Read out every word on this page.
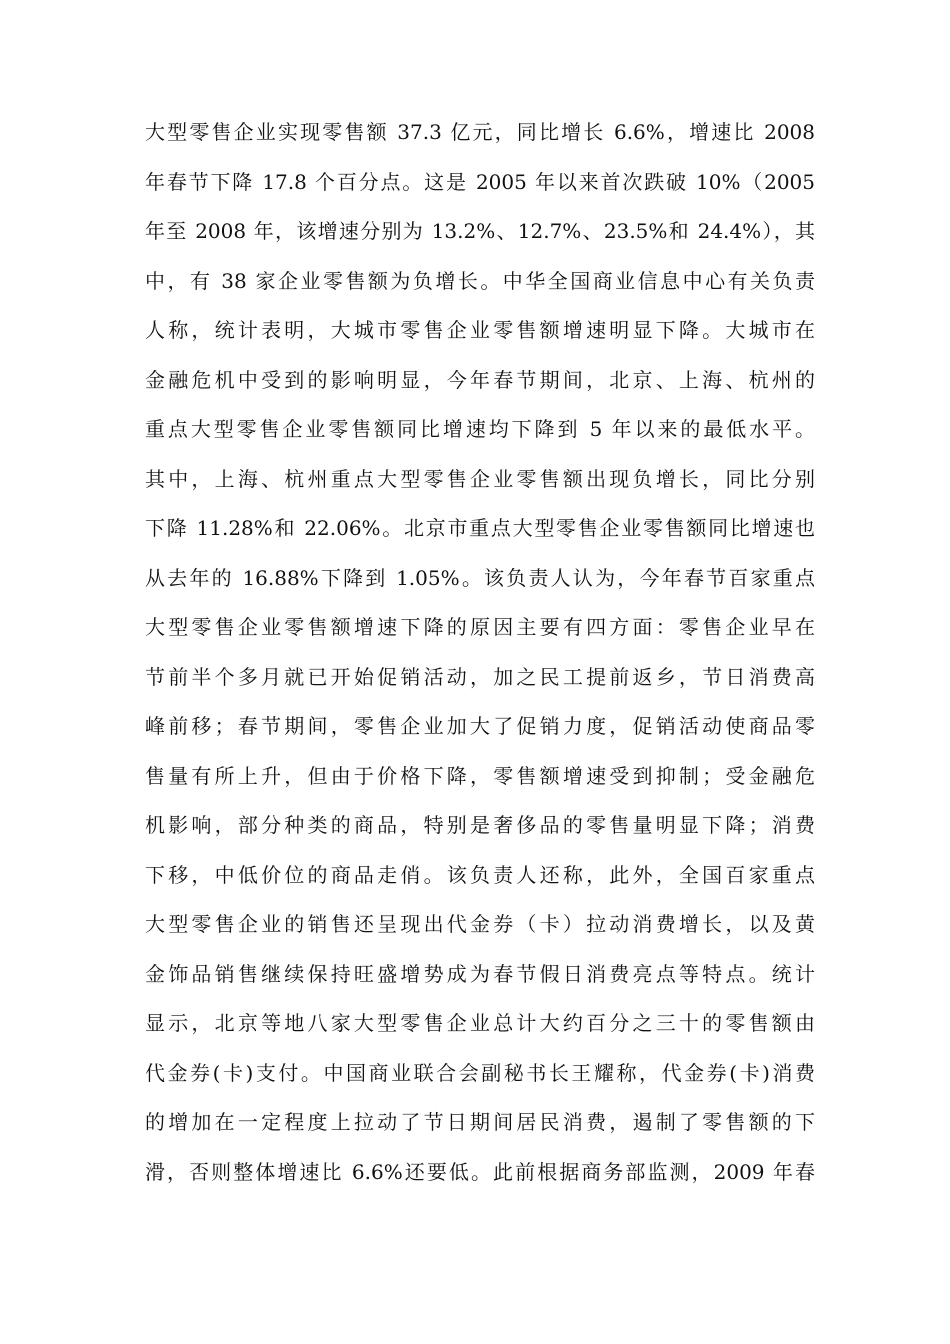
大型零售企业实现零售额 37.3 亿元，同比增长 6.6%，增速比 2008
年春节下降 17.8 个百分点。这是 2005 年以来首次跌破 10%（2005
年至 2008 年，该增速分别为 13.2%、12.7%、23.5%和 24.4%），其
中，有 38 家企业零售额为负增长。中华全国商业信息中心有关负责
人称，统计表明，大城市零售企业零售额增速明显下降。大城市在
金融危机中受到的影响明显，今年春节期间，北京、上海、杭州的
重点大型零售企业零售额同比增速均下降到 5 年以来的最低水平。
其中，上海、杭州重点大型零售企业零售额出现负增长，同比分别
下降 11.28%和 22.06%。北京市重点大型零售企业零售额同比增速也
从去年的 16.88%下降到 1.05%。该负责人认为，今年春节百家重点
大型零售企业零售额增速下降的原因主要有四方面：零售企业早在
节前半个多月就已开始促销活动，加之民工提前返乡，节日消费高
峰前移；春节期间，零售企业加大了促销力度，促销活动使商品零
售量有所上升，但由于价格下降，零售额增速受到抑制；受金融危
机影响，部分种类的商品，特别是奢侈品的零售量明显下降；消费
下移，中低价位的商品走俏。该负责人还称，此外，全国百家重点
大型零售企业的销售还呈现出代金券（卡）拉动消费增长，以及黄
金饰品销售继续保持旺盛增势成为春节假日消费亮点等特点。统计
显示，北京等地八家大型零售企业总计大约百分之三十的零售额由
代金券(卡)支付。中国商业联合会副秘书长王耀称，代金券(卡)消费
的增加在一定程度上拉动了节日期间居民消费，遏制了零售额的下
滑，否则整体增速比 6.6%还要低。此前根据商务部监测，2009 年春
